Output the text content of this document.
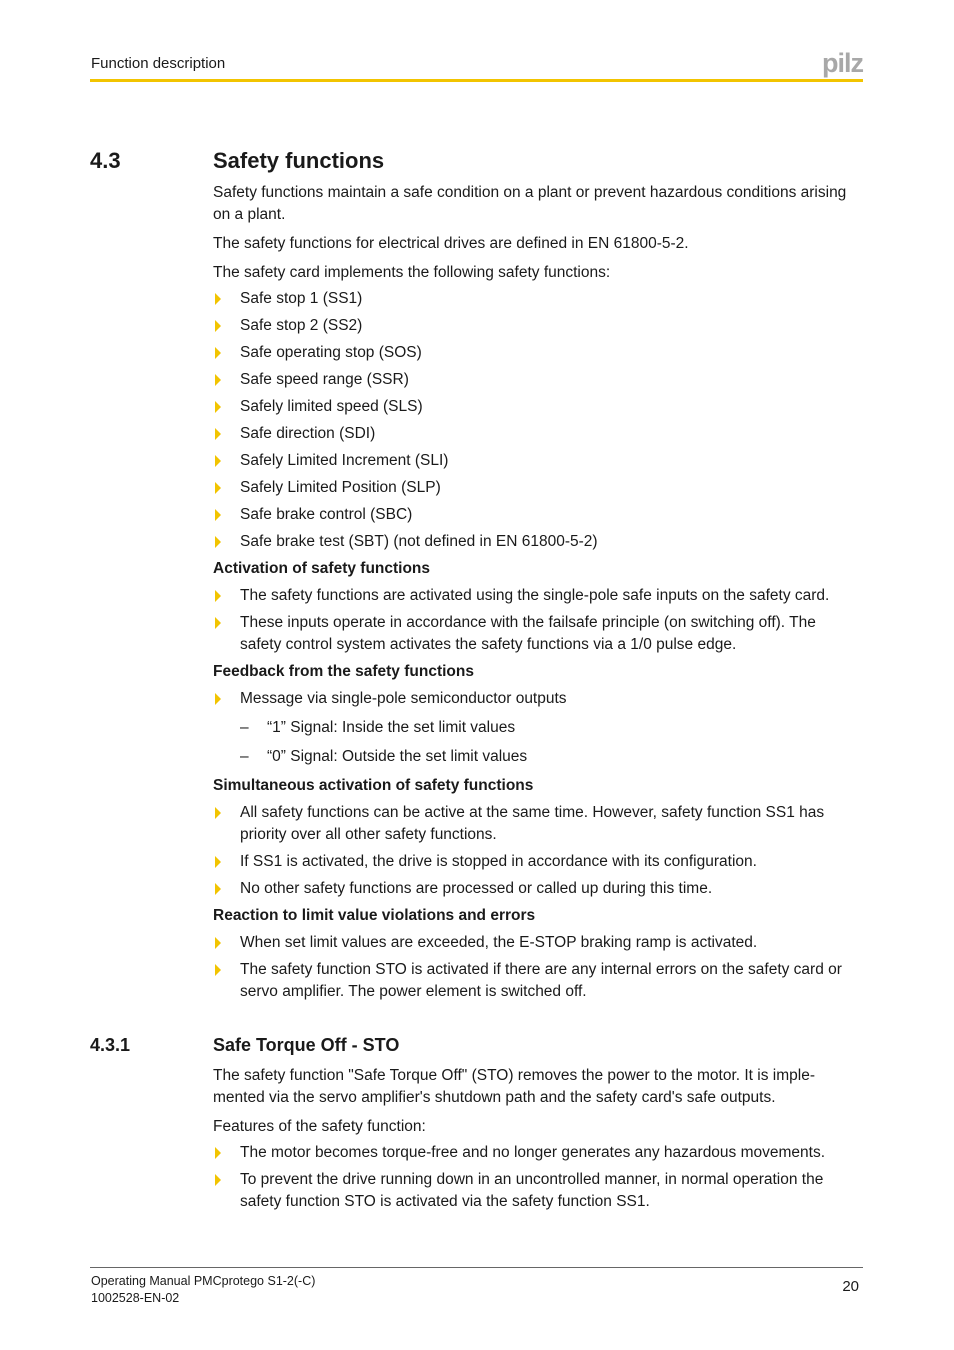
Function description	pilz
4.3	Safety functions

Safety functions maintain a safe condition on a plant or prevent hazardous conditions arising on a plant.

The safety functions for electrical drives are defined in EN 61800-5-2.

The safety card implements the following safety functions:

Safe stop 1 (SS1)
Safe stop 2 (SS2)
Safe operating stop (SOS)
Safe speed range (SSR)
Safely limited speed (SLS)
Safe direction (SDI)
Safely Limited Increment (SLI)
Safely Limited Position (SLP)
Safe brake control (SBC)
Safe brake test (SBT) (not defined in EN 61800-5-2)
Activation of safety functions
The safety functions are activated using the single-pole safe inputs on the safety card.
These inputs operate in accordance with the failsafe principle (on switching off). The safety control system activates the safety functions via a 1/0 pulse edge.
Feedback from the safety functions
Message via single-pole semiconductor outputs
– “1” Signal: Inside the set limit values
– “0” Signal: Outside the set limit values
Simultaneous activation of safety functions
All safety functions can be active at the same time. However, safety function SS1 has priority over all other safety functions.
If SS1 is activated, the drive is stopped in accordance with its configuration.
No other safety functions are processed or called up during this time.
Reaction to limit value violations and errors
When set limit values are exceeded, the E-STOP braking ramp is activated.
The safety function STO is activated if there are any internal errors on the safety card or servo amplifier. The power element is switched off.
4.3.1	Safe Torque Off - STO

The safety function "Safe Torque Off" (STO) removes the power to the motor. It is imple-mented via the servo amplifier's shutdown path and the safety card's safe outputs.

Features of the safety function:

The motor becomes torque-free and no longer generates any hazardous movements.
To prevent the drive running down in an uncontrolled manner, in normal operation the safety function STO is activated via the safety function SS1.
Operating Manual PMCprotego S1-2(-C)
1002528-EN-02
20
